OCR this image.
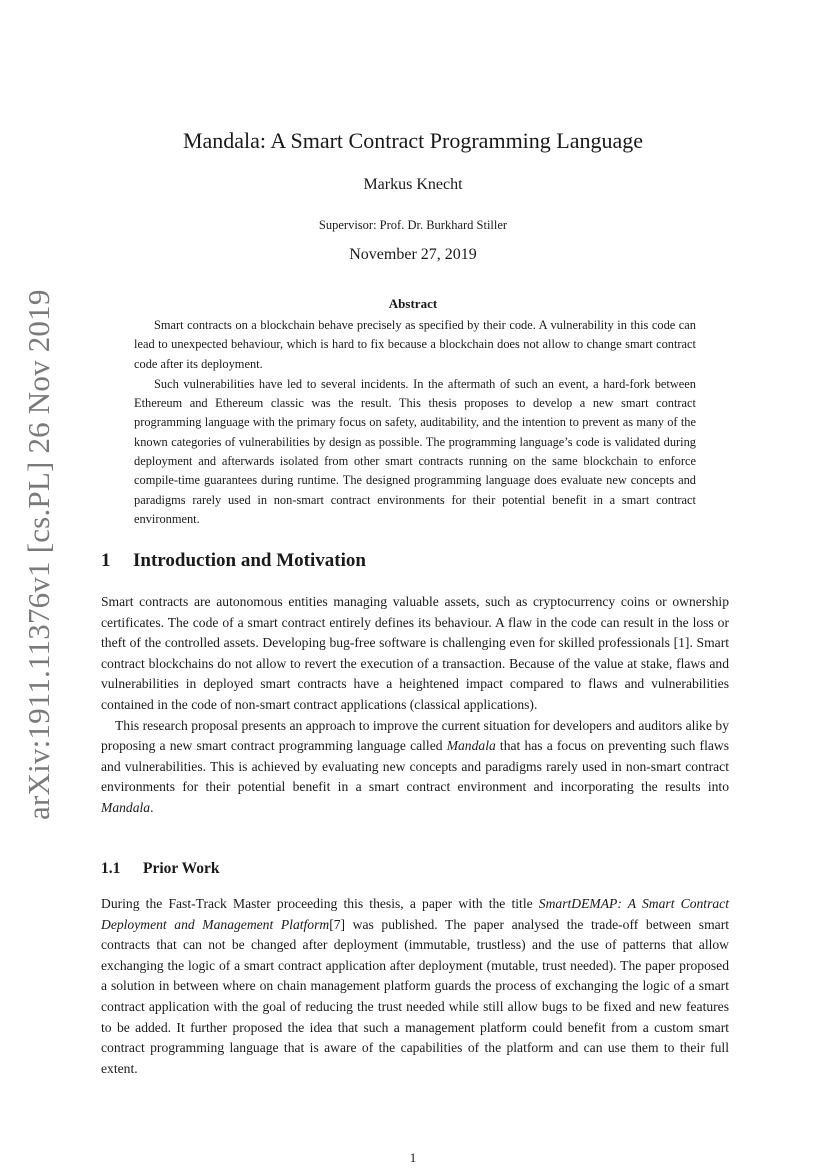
arXiv:1911.11376v1 [cs.PL] 26 Nov 2019
Mandala: A Smart Contract Programming Language
Markus Knecht
Supervisor: Prof. Dr. Burkhard Stiller
November 27, 2019
Abstract

Smart contracts on a blockchain behave precisely as specified by their code. A vulnerability in this code can lead to unexpected behaviour, which is hard to fix because a blockchain does not allow to change smart contract code after its deployment.

Such vulnerabilities have led to several incidents. In the aftermath of such an event, a hard-fork between Ethereum and Ethereum classic was the result. This thesis proposes to develop a new smart contract programming language with the primary focus on safety, auditability, and the intention to prevent as many of the known categories of vulnerabilities by design as possible. The programming language’s code is validated during deployment and afterwards isolated from other smart contracts running on the same blockchain to enforce compile-time guarantees during runtime. The designed programming language does evaluate new concepts and paradigms rarely used in non-smart contract environments for their potential benefit in a smart contract environment.

1 Introduction and Motivation

Smart contracts are autonomous entities managing valuable assets, such as cryptocurrency coins or ownership certificates. The code of a smart contract entirely defines its behaviour. A flaw in the code can result in the loss or theft of the controlled assets. Developing bug-free software is challenging even for skilled professionals [1]. Smart contract blockchains do not allow to revert the execution of a transaction. Because of the value at stake, flaws and vulnerabilities in deployed smart contracts have a heightened impact compared to flaws and vulnerabilities contained in the code of non-smart contract applications (classical applications).

This research proposal presents an approach to improve the current situation for developers and auditors alike by proposing a new smart contract programming language called Mandala that has a focus on preventing such flaws and vulnerabilities. This is achieved by evaluating new concepts and paradigms rarely used in non-smart contract environments for their potential benefit in a smart contract environment and incorporating the results into Mandala.

1.1 Prior Work

During the Fast-Track Master proceeding this thesis, a paper with the title SmartDEMAP: A Smart Contract Deployment and Management Platform[7] was published. The paper analysed the trade-off between smart contracts that can not be changed after deployment (immutable, trustless) and the use of patterns that allow exchanging the logic of a smart contract application after deployment (mutable, trust needed). The paper proposed a solution in between where on chain management platform guards the process of exchanging the logic of a smart contract application with the goal of reducing the trust needed while still allow bugs to be fixed and new features to be added. It further proposed the idea that such a management platform could benefit from a custom smart contract programming language that is aware of the capabilities of the platform and can use them to their full extent.

1
